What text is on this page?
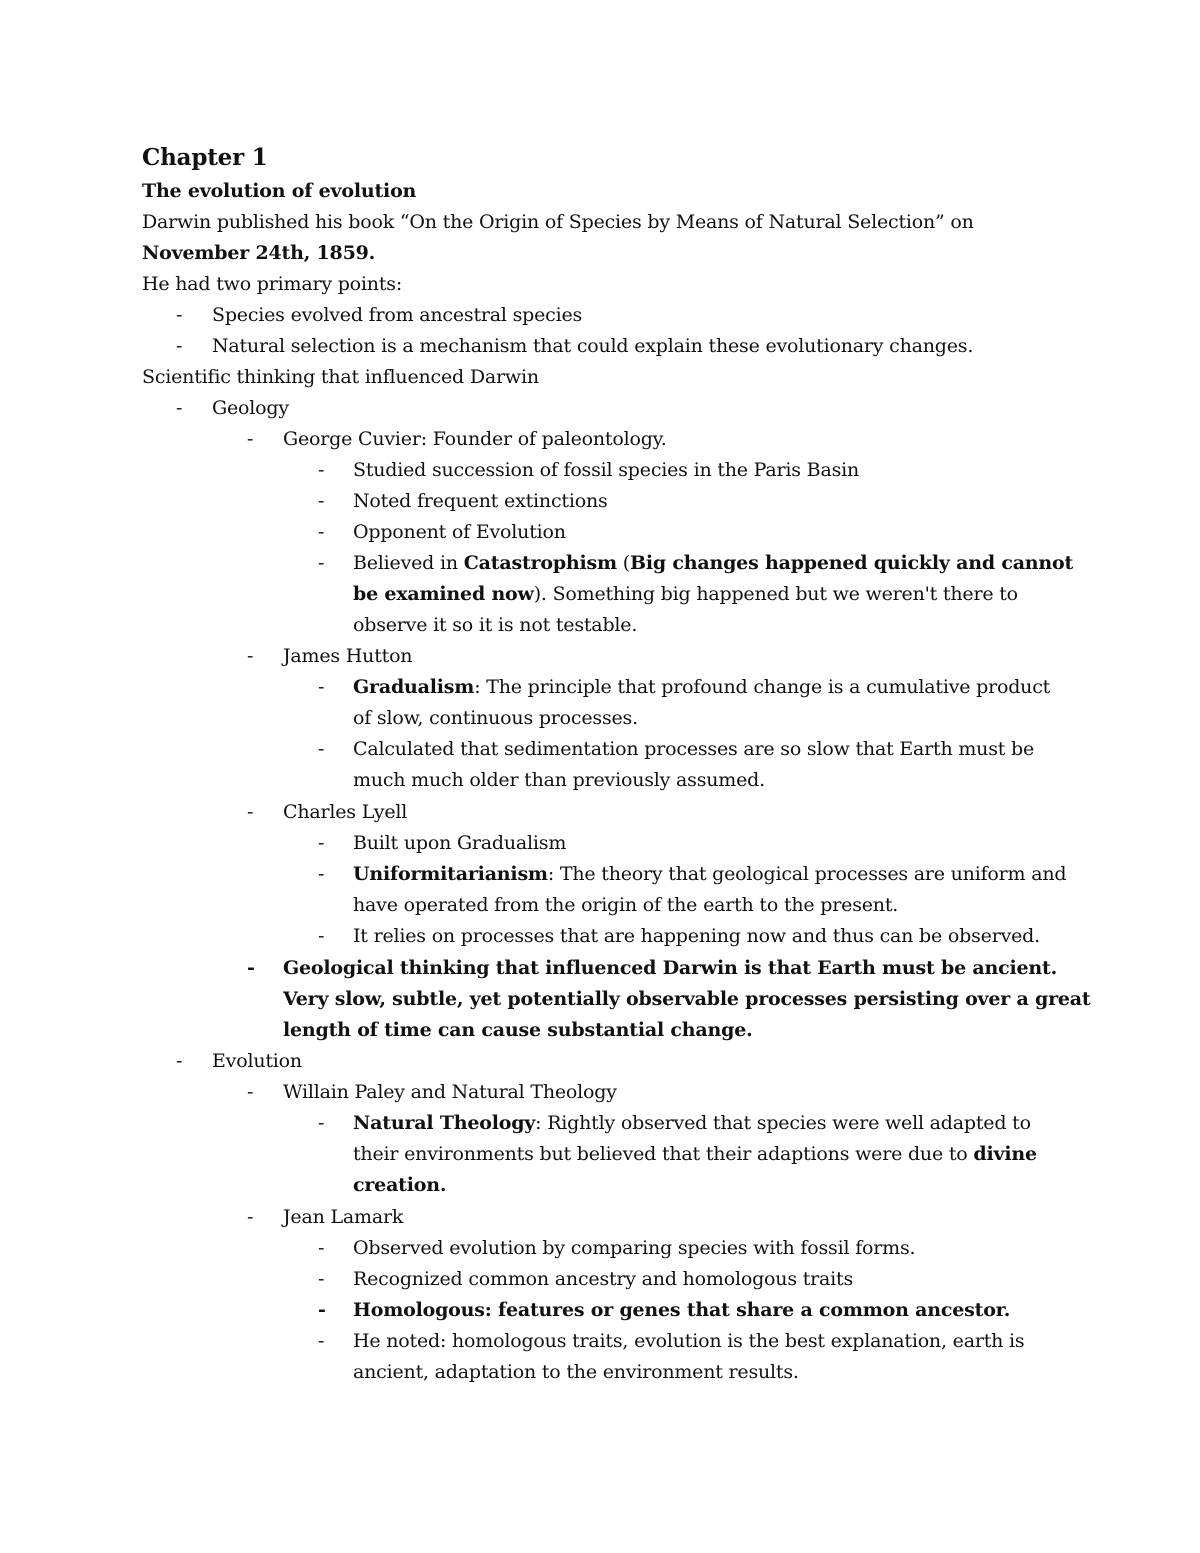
Chapter 1
The evolution of evolution
Darwin published his book “On the Origin of Species by Means of Natural Selection” on
November 24th, 1859.
He had two primary points:
- Species evolved from ancestral species
- Natural selection is a mechanism that could explain these evolutionary changes.
Scientific thinking that influenced Darwin
- Geology
- George Cuvier: Founder of paleontology.
- Studied succession of fossil species in the Paris Basin
- Noted frequent extinctions
- Opponent of Evolution
- Believed in Catastrophism (Big changes happened quickly and cannot
be examined now). Something big happened but we weren't there to
observe it so it is not testable.
- James Hutton
- Gradualism: The principle that profound change is a cumulative product
of slow, continuous processes.
- Calculated that sedimentation processes are so slow that Earth must be
much much older than previously assumed.
- Charles Lyell
- Built upon Gradualism
- Uniformitarianism: The theory that geological processes are uniform and
have operated from the origin of the earth to the present.
- It relies on processes that are happening now and thus can be observed.
- Geological thinking that influenced Darwin is that Earth must be ancient.
Very slow, subtle, yet potentially observable processes persisting over a great
length of time can cause substantial change.
- Evolution
- Willain Paley and Natural Theology
- Natural Theology: Rightly observed that species were well adapted to
their environments but believed that their adaptions were due to divine
creation.
- Jean Lamark
- Observed evolution by comparing species with fossil forms.
- Recognized common ancestry and homologous traits
- Homologous: features or genes that share a common ancestor.
- He noted: homologous traits, evolution is the best explanation, earth is
ancient, adaptation to the environment results.
